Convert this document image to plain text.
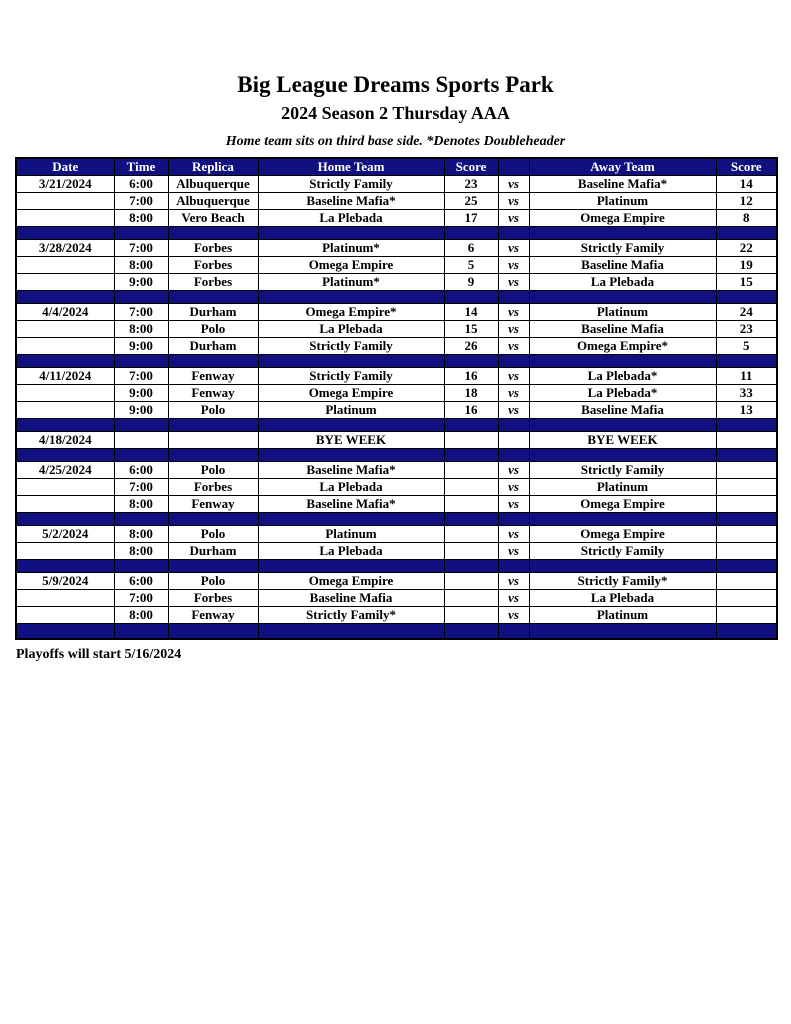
Big League Dreams Sports Park
2024 Season 2 Thursday AAA
Home team sits on third base side. *Denotes Doubleheader
Date	Time	Replica	Home Team	Score		Away Team	Score
3/21/2024	6:00	Albuquerque	Strictly Family	23	vs	Baseline Mafia*	14
	7:00	Albuquerque	Baseline Mafia*	25	vs	Platinum	12
	8:00	Vero Beach	La Plebada	17	vs	Omega Empire	8

3/28/2024	7:00	Forbes	Platinum*	6	vs	Strictly Family	22
	8:00	Forbes	Omega Empire	5	vs	Baseline Mafia	19
	9:00	Forbes	Platinum*	9	vs	La Plebada	15

4/4/2024	7:00	Durham	Omega Empire*	14	vs	Platinum	24
	8:00	Polo	La Plebada	15	vs	Baseline Mafia	23
	9:00	Durham	Strictly Family	26	vs	Omega Empire*	5

4/11/2024	7:00	Fenway	Strictly Family	16	vs	La Plebada*	11
	9:00	Fenway	Omega Empire	18	vs	La Plebada*	33
	9:00	Polo	Platinum	16	vs	Baseline Mafia	13

4/18/2024			BYE WEEK			BYE WEEK	

4/25/2024	6:00	Polo	Baseline Mafia*		vs	Strictly Family	
	7:00	Forbes	La Plebada		vs	Platinum	
	8:00	Fenway	Baseline Mafia*		vs	Omega Empire	

5/2/2024	8:00	Polo	Platinum		vs	Omega Empire	
	8:00	Durham	La Plebada		vs	Strictly Family	

5/9/2024	6:00	Polo	Omega Empire		vs	Strictly Family*	
	7:00	Forbes	Baseline Mafia		vs	La Plebada	
	8:00	Fenway	Strictly Family*		vs	Platinum	

Playoffs will start 5/16/2024
